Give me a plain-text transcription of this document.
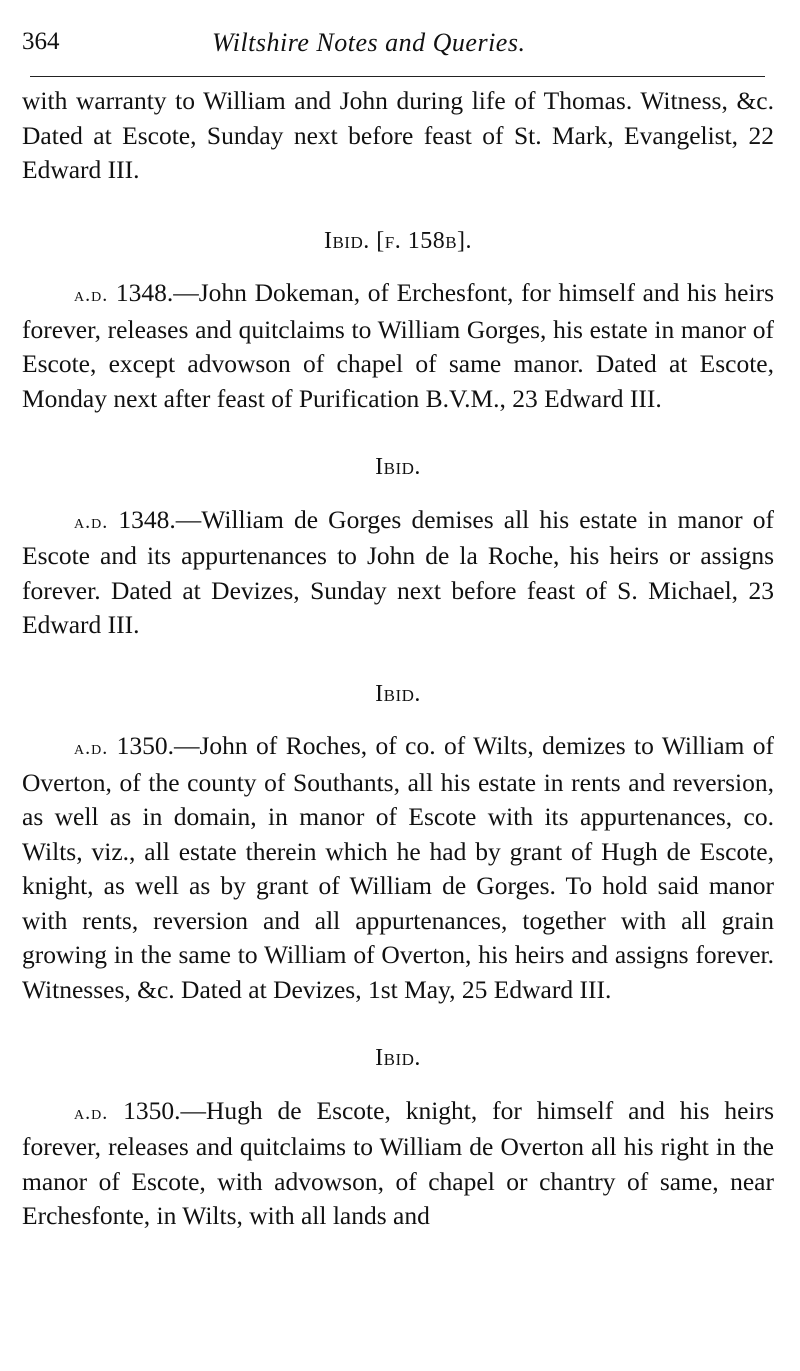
364	Wiltshire Notes and Queries.

with warranty to William and John during life of Thomas. Witness, &c. Dated at Escote, Sunday next before feast of St. Mark, Evangelist, 22 Edward III.

Ibid. [f. 158b].

a.d. 1348.—John Dokeman, of Erchesfont, for himself and his heirs forever, releases and quitclaims to William Gorges, his estate in manor of Escote, except advowson of chapel of same manor. Dated at Escote, Monday next after feast of Purification B.V.M., 23 Edward III.

Ibid.

a.d. 1348.—William de Gorges demises all his estate in manor of Escote and its appurtenances to John de la Roche, his heirs or assigns forever. Dated at Devizes, Sunday next before feast of S. Michael, 23 Edward III.

Ibid.

a.d. 1350.—John of Roches, of co. of Wilts, demizes to William of Overton, of the county of Southants, all his estate in rents and reversion, as well as in domain, in manor of Escote with its appurtenances, co. Wilts, viz., all estate therein which he had by grant of Hugh de Escote, knight, as well as by grant of William de Gorges. To hold said manor with rents, reversion and all appurtenances, together with all grain growing in the same to William of Overton, his heirs and assigns forever. Witnesses, &c. Dated at Devizes, 1st May, 25 Edward III.

Ibid.

a.d. 1350.—Hugh de Escote, knight, for himself and his heirs forever, releases and quitclaims to William de Overton all his right in the manor of Escote, with advowson, of chapel or chantry of same, near Erchesfonte, in Wilts, with all lands and
